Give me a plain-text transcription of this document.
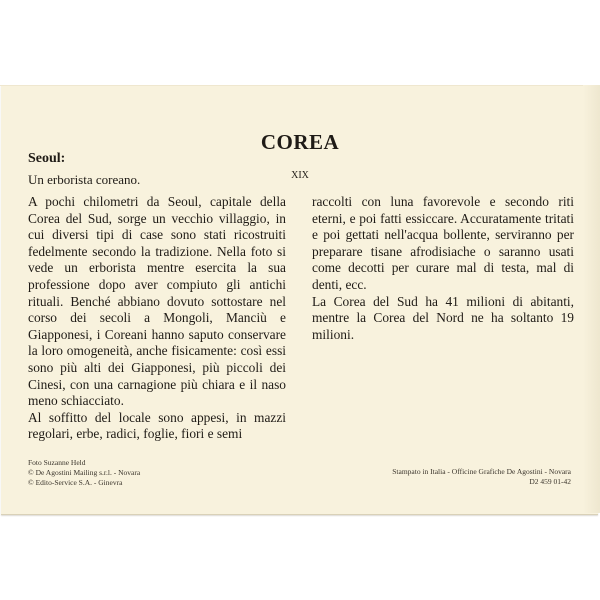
COREA
XIX
Seoul:
Un erborista coreano.

A pochi chilometri da Seoul, capitale della Corea del Sud, sorge un vecchio villaggio, in cui diversi tipi di case sono stati ricostruiti fedelmente secondo la tradizione. Nella foto si vede un erborista mentre esercita la sua professione dopo aver compiuto gli antichi rituali. Benché abbiano dovuto sottostare nel corso dei secoli a Mongoli, Manciù e Giapponesi, i Coreani hanno saputo conservare la loro omogeneità, anche fisicamente: così essi sono più alti dei Giapponesi, più piccoli dei Cinesi, con una carnagione più chiara e il naso meno schiacciato.

Al soffitto del locale sono appesi, in mazzi regolari, erbe, radici, foglie, fiori e semi

raccolti con luna favorevole e secondo riti eterni, e poi fatti essiccare. Accuratamente tritati e poi gettati nell'acqua bollente, serviranno per preparare tisane afrodisiache o saranno usati come decotti per curare mal di testa, mal di denti, ecc.

La Corea del Sud ha 41 milioni di abitanti, mentre la Corea del Nord ne ha soltanto 19 milioni.

Foto Suzanne Held
© De Agostini Mailing s.r.l. - Novara
© Edito-Service S.A. - Ginevra
Stampato in Italia - Officine Grafiche De Agostini - Novara
D2 459 01-42
